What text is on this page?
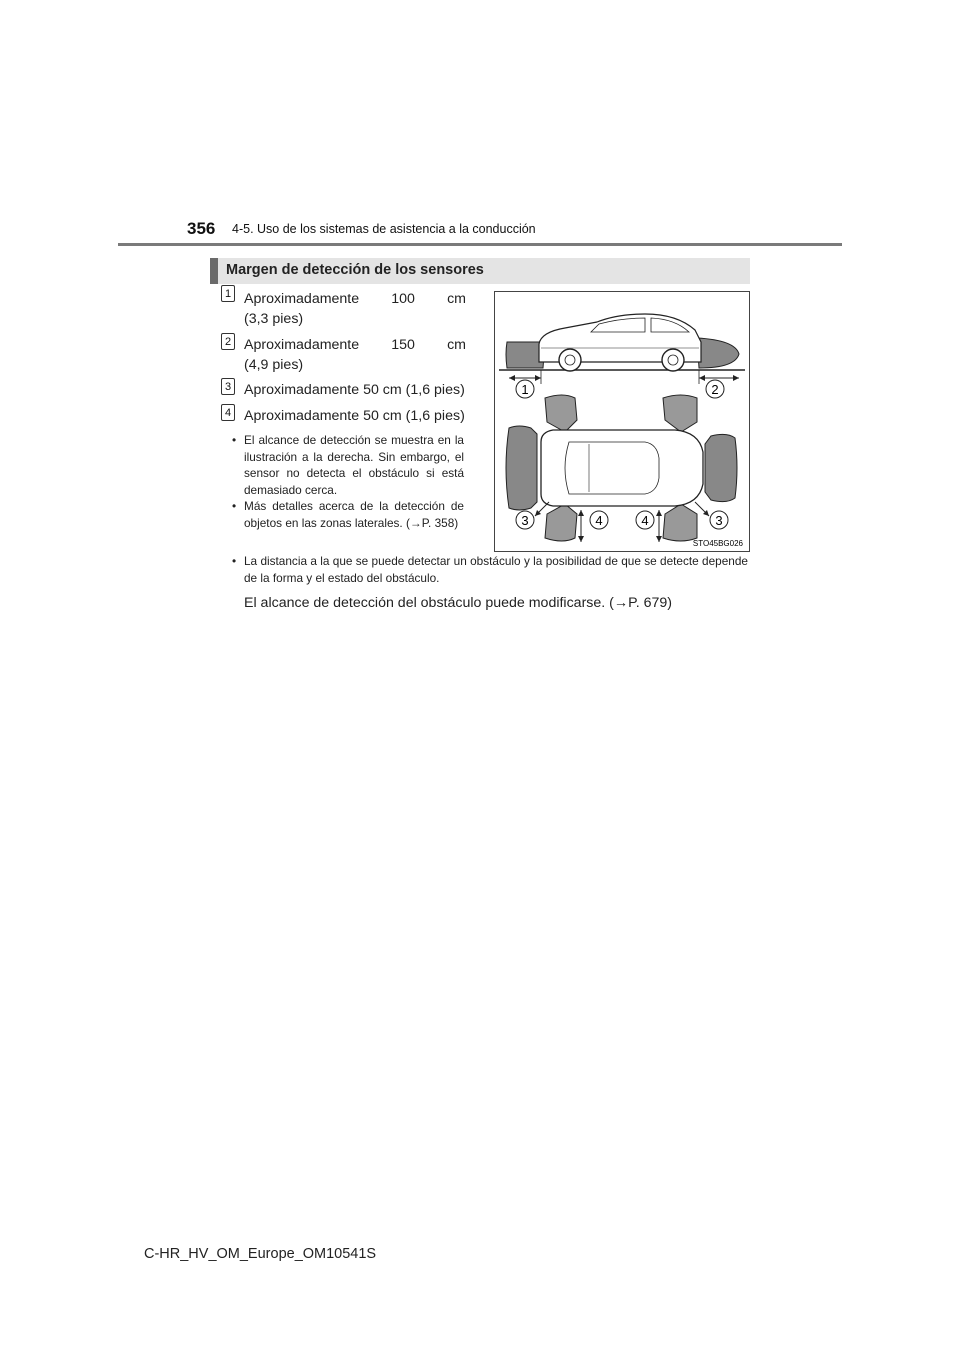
356 4-5. Uso de los sistemas de asistencia a la conducción
Margen de detección de los sensores
1 Aproximadamente 100 cm
(3,3 pies)
2 Aproximadamente 150 cm
(4,9 pies)
3 Aproximadamente 50 cm (1,6 pies)
4 Aproximadamente 50 cm (1,6 pies)
• El alcance de detección se muestra en la ilustración a la derecha. Sin embargo, el sensor no detecta el obstáculo si está demasiado cerca.
• Más detalles acerca de la detección de objetos en las zonas laterales. (→P. 358)
• La distancia a la que se puede detectar un obstáculo y la posibilidad de que se detecte depende de la forma y el estado del obstáculo.
El alcance de detección del obstáculo puede modificarse. (→P. 679)
1	2
3	4	4	3
STO45BG026
C-HR_HV_OM_Europe_OM10541S
